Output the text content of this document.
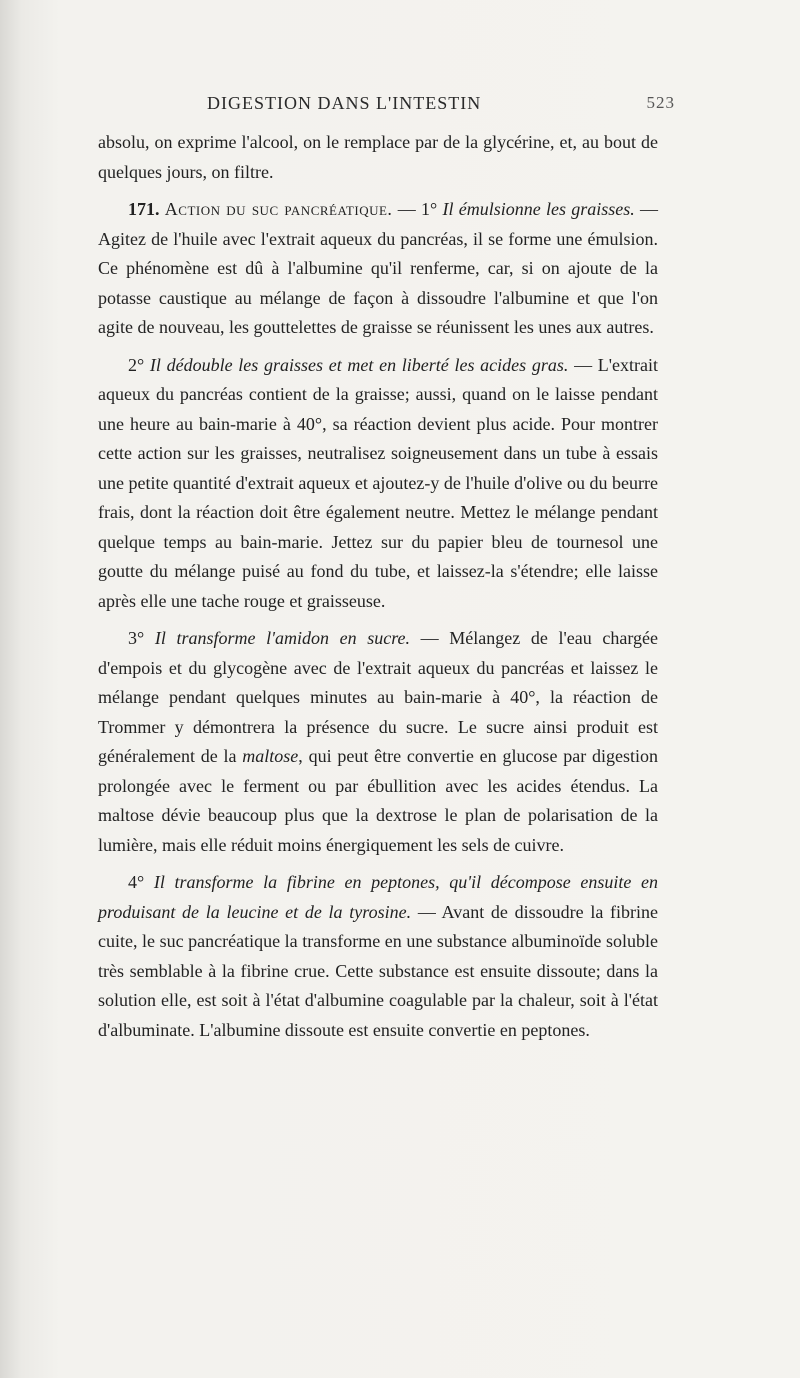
DIGESTION DANS L'INTESTIN	523

absolu, on exprime l'alcool, on le remplace par de la glycérine, et, au bout de quelques jours, on filtre.

171. Action du suc pancréatique. — 1° Il émulsionne les graisses. — Agitez de l'huile avec l'extrait aqueux du pancréas, il se forme une émulsion. Ce phénomène est dû à l'albumine qu'il renferme, car, si on ajoute de la potasse caustique au mélange de façon à dissoudre l'albumine et que l'on agite de nouveau, les gouttelettes de graisse se réunissent les unes aux autres.

2° Il dédouble les graisses et met en liberté les acides gras. — L'extrait aqueux du pancréas contient de la graisse; aussi, quand on le laisse pendant une heure au bain-marie à 40°, sa réaction devient plus acide. Pour montrer cette action sur les graisses, neutralisez soigneusement dans un tube à essais une petite quantité d'extrait aqueux et ajoutez-y de l'huile d'olive ou du beurre frais, dont la réaction doit être également neutre. Mettez le mélange pendant quelque temps au bain-marie. Jettez sur du papier bleu de tournesol une goutte du mélange puisé au fond du tube, et laissez-la s'étendre; elle laisse après elle une tache rouge et graisseuse.

3° Il transforme l'amidon en sucre. — Mélangez de l'eau chargée d'empois et du glycogène avec de l'extrait aqueux du pancréas et laissez le mélange pendant quelques minutes au bain-marie à 40°, la réaction de Trommer y démontrera la présence du sucre. Le sucre ainsi produit est généralement de la maltose, qui peut être convertie en glucose par digestion prolongée avec le ferment ou par ébullition avec les acides étendus. La maltose dévie beaucoup plus que la dextrose le plan de polarisation de la lumière, mais elle réduit moins énergiquement les sels de cuivre.

4° Il transforme la fibrine en peptones, qu'il décompose ensuite en produisant de la leucine et de la tyrosine. — Avant de dissoudre la fibrine cuite, le suc pancréatique la transforme en une substance albuminoïde soluble très semblable à la fibrine crue. Cette substance est ensuite dissoute; dans la solution elle, est soit à l'état d'albumine coagulable par la chaleur, soit à l'état d'albuminate. L'albumine dissoute est ensuite convertie en peptones.
